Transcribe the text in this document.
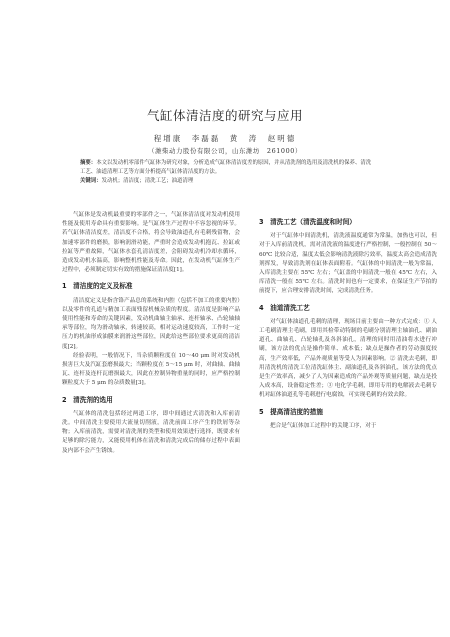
气缸体清洁度的研究与应用
程增康　李磊磊　黄　涛　赵明德
（潍柴动力股份有限公司，山东潍坊　261000）
摘要：本文以发动机零部件气缸体为研究对象，分析造成气缸体清洁度差的原因，并从清洗剂的选用及清洗机的保养、清洗工艺、油道清理工艺等方面分析提高气缸体清洁度的方法。
关键词：发动机；清洁度；清洗工艺；油道清理

气缸体是发动机最重要的零部件之一，气缸体清洁度对发动机使用性能及使用寿命具有重要影响。是气缸体生产过程中不容忽视的环节。若气缸体清洁度差，清洁度不合格，将会导致油道孔有毛刺残留物，会加速零部件的磨损，影响润滑功能，严重时会造成发动机抱瓦、拉缸或拉缸等严重故障，气缸体水套孔清洁度差，会阻碍发动机冷却水循环，造成发动机水温高，影响整机性能及寿命。因此，在发动机气缸体生产过程中，必须制定切实有效的措施保证清洁度[1]。

1　清洁度的定义及标准

清洁度定义是指含铬产品总的系统和内腔（包括不加工的重要内腔）以及零件的孔道与精加工表面残留机械杂质的程度。清洁度是影响产品使用性能和寿命的关键因素，发动机曲轴主轴承、连杆轴承、凸轮轴轴承等部位，均为滑动轴承，转速较高，相对运动速度较高，工作时一定压力的机油形成油膜来润滑这些部位，因此给这些部位要求更高的清洁度[2]。

经验表明，一般情况下，当杂质颗粒度在 10～40 μm 时对发动机损害巨大及汽缸套磨损最大；当颗粒度在 5～15 μm 时，对曲轴、曲轴瓦、连杆及连杆瓦磨损最大，因此在控制异物重量的同时，应严格控制颗粒度大于 5 μm 的杂质数量[3]。

2　清洗剂的选用

气缸体的清洗包括经过两道工序，即中间通过式清洗和入库前清洗。中间清洗主要使用大流量切削液，清洗前面工序产生的铁屑等杂物；入库前清洗，需要对清洗剂的类型和使用效果进行选择，既要求有足够的除污能力，又能使用机体在清洗和清洗完成后的储存过程中表面及内部不会产生锈蚀。

3　清洗工艺（清洗温度和时间）

对于气缸体中间清洗机，清洗液温度通常为常温，加热也可以，但对于入库前清洗机，需对清洗液的温度进行严格控制，一般控制在 50～60℃ 比较合适，温度太低会影响清洗液除污效率，温度太高会造成清洗剂挥发，导致清洗剂在缸体表面附着。气缸体的中间清洗一般为常温，入库清洗主要在 55℃ 左右；气缸盖的中间清洗一般在 45℃ 左右，入库清洗一般在 55℃ 左右。清洗时间也有一定要求，在保证生产节拍的前提下，应合理安排清洗时间，完成清洗任务。

4　油道清洗工艺

对气缸体油道孔毛刺的清理，现场目前主要由一种方式完成：① 人工毛刷清理主毛刷，即用其检带动特制的毛刷分别清理主轴油孔、副油道孔、曲轴孔、凸轮轴孔及各斜油孔，清理的同时用清油将水进行冲刷，该方法的优点是操作简单、成本低；缺点是操作者的劳动强度较高，生产效率低，产品外观质量等受人为因素影响。② 清洗去毛刺，即用清洗机的清洗工位清洗缸体主、副油道孔及各斜油孔，该方法的优点是生产效率高，减少了人为因素造成的产品外观等质量问题，缺点是投入成本高，设备稳定性差；③ 电化学毛刺，即用专用的电解液去毛刺专机对缸体油道孔等毛刺进行电腐蚀，可实现毛刺的有效去除。

5　提高清洁度的措施

把合是气缸体加工过程中的关键工序，对于
